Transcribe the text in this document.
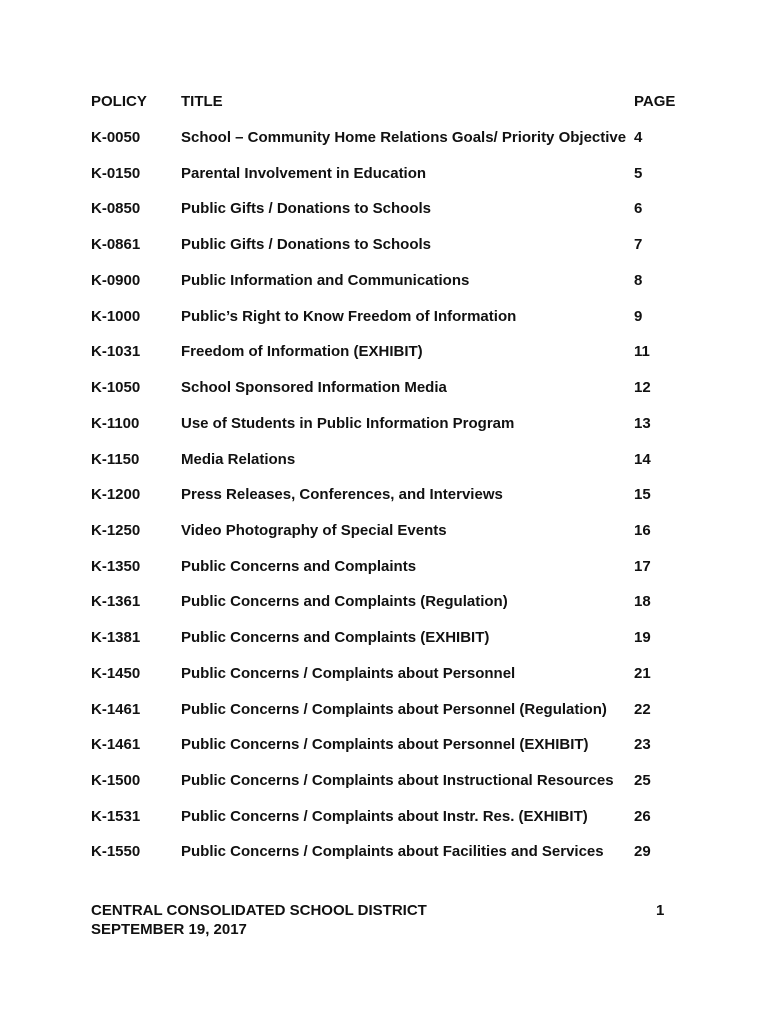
POLICY TITLE	PAGE
K-0050	School – Community Home Relations Goals/ Priority Objective 4
K-0150	Parental Involvement in Education	5
K-0850	Public Gifts / Donations to Schools	6
K-0861	Public Gifts / Donations to Schools	7
K-0900	Public Information and Communications	8
K-1000	Public’s Right to Know Freedom of Information	9
K-1031	Freedom of Information (EXHIBIT)	11
K-1050	School Sponsored Information Media	12
K-1100	Use of Students in Public Information Program	13
K-1150	Media Relations	14
K-1200	Press Releases, Conferences, and Interviews	15
K-1250	Video Photography of Special Events	16
K-1350	Public Concerns and Complaints	17
K-1361	Public Concerns and Complaints (Regulation)	18
K-1381	Public Concerns and Complaints (EXHIBIT)	19
K-1450	Public Concerns / Complaints about Personnel	21
K-1461	Public Concerns / Complaints about Personnel (Regulation) 22
K-1461	Public Concerns / Complaints about Personnel (EXHIBIT)	23
K-1500	Public Concerns / Complaints about Instructional Resources 25
K-1531	Public Concerns / Complaints about Instr. Res. (EXHIBIT)	26
K-1550	Public Concerns / Complaints about Facilities and Services 29
CENTRAL CONSOLIDATED SCHOOL DISTRICT
SEPTEMBER 19, 2017
1
